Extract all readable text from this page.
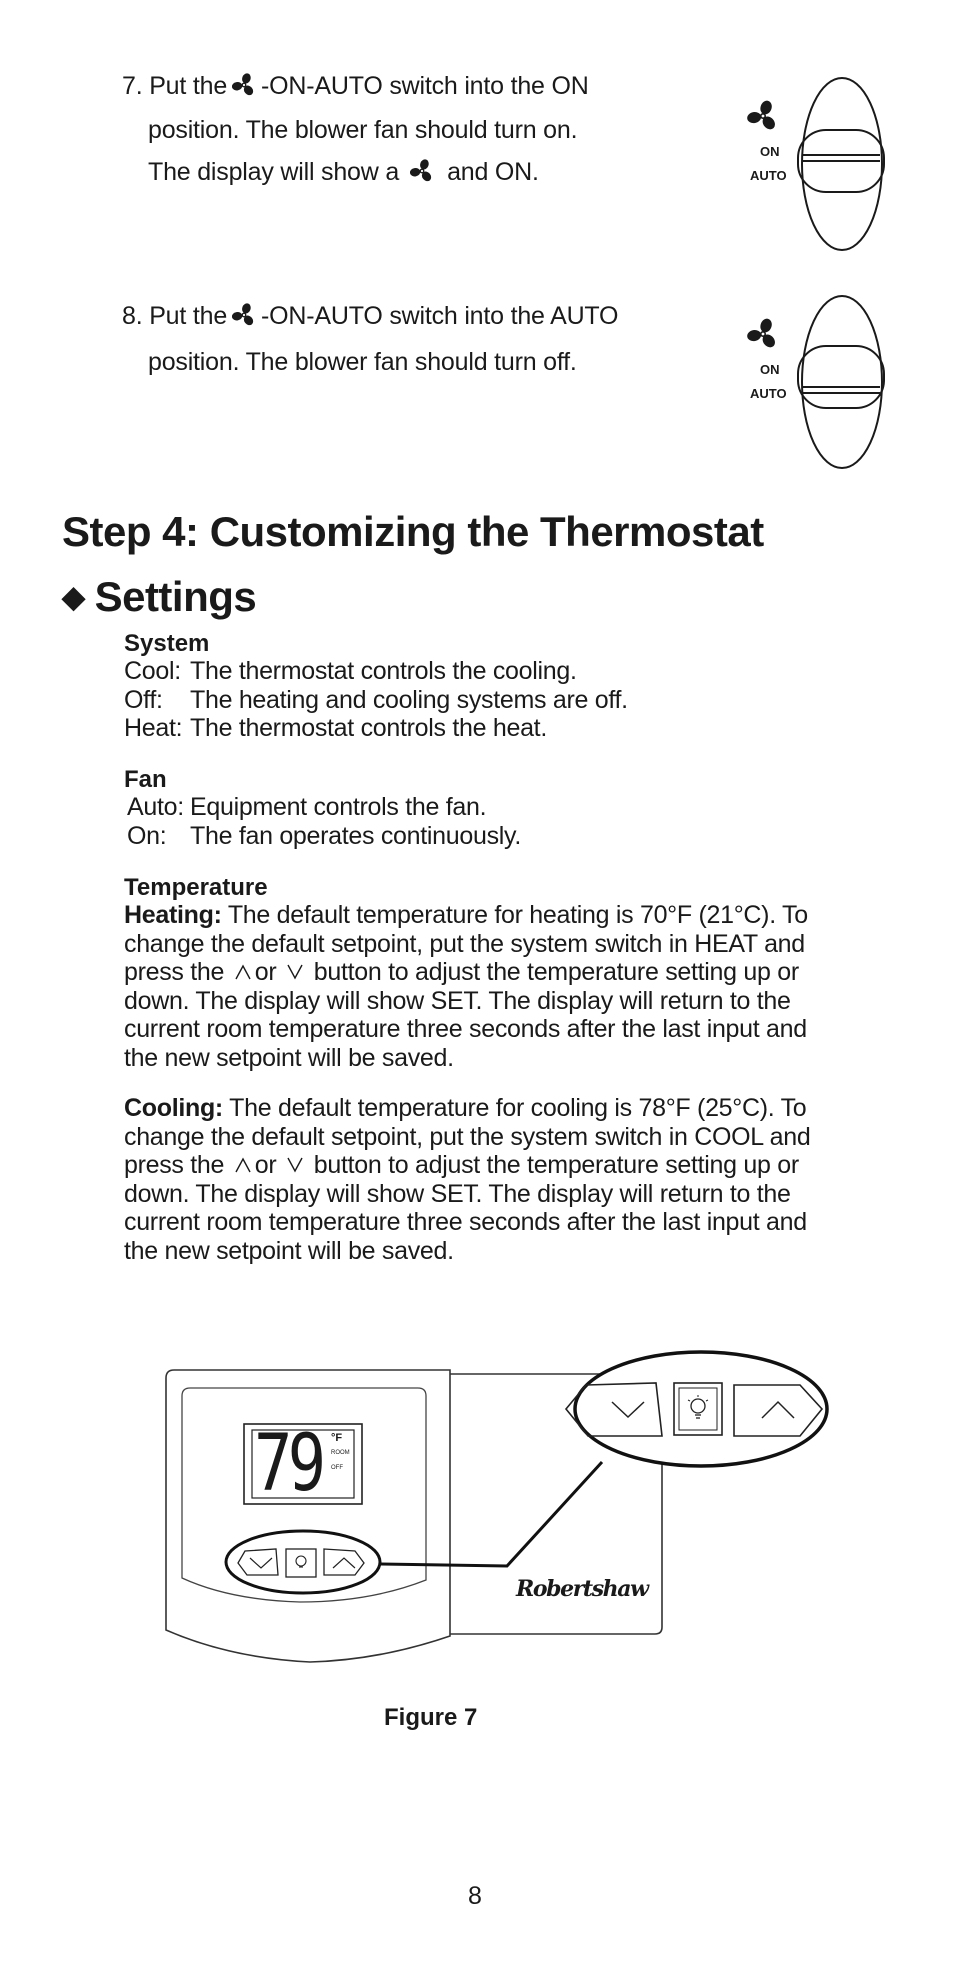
7. Put the -ON-AUTO switch into the ON
position. The blower fan should turn on.
The display will show a and ON.
ON
AUTO
8. Put the -ON-AUTO switch into the AUTO
position. The blower fan should turn off.	ON
AUTO
Step 4: Customizing the Thermostat
◆ Settings
System
Cool: The thermostat controls the cooling.
Off:	The heating and cooling systems are off.
Heat: The thermostat controls the heat.
Fan
Auto: Equipment controls the fan.
On: The fan operates continuously.
Temperature
Heating: The default temperature for heating is 70°F (21°C). To
change the default setpoint, put the system switch in HEAT and
press the or button to adjust the temperature setting up or
down. The display will show SET. The display will return to the
current room temperature three seconds after the last input and
the new setpoint will be saved.
Cooling: The default temperature for cooling is 78°F (25°C). To
change the default setpoint, put the system switch in COOL and
press the or button to adjust the temperature setting up or
down. The display will show SET. The display will return to the
current room temperature three seconds after the last input and
the new setpoint will be saved.
79 °F
ROOM
OFF
Robertshaw
Figure 7
8
